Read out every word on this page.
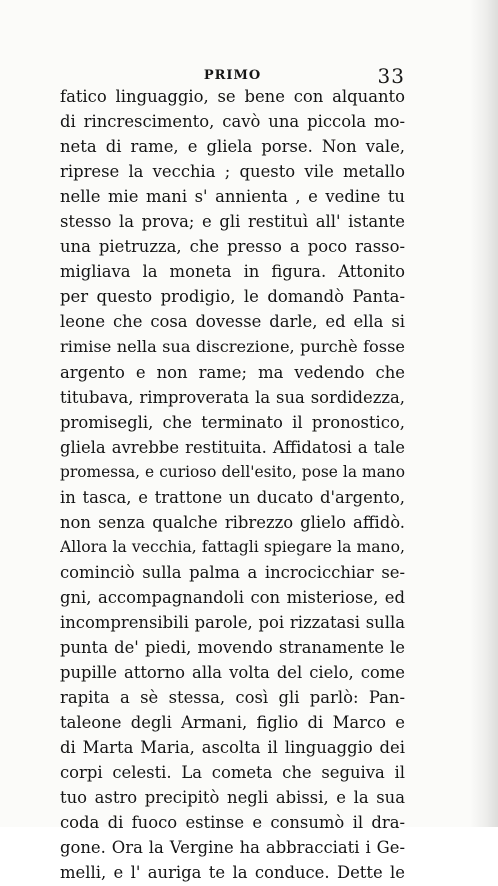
PRIMO	33
fatico linguaggio, se bene con alquanto
di rincrescimento, cavò una piccola mo-
neta di rame, e gliela porse. Non vale,
riprese la vecchia ; questo vile metallo
nelle mie mani s' annienta , e vedine tu
stesso la prova; e gli restituì all' istante
una pietruzza, che presso a poco rasso-
migliava la moneta in figura. Attonito
per questo prodigio, le domandò Panta-
leone che cosa dovesse darle, ed ella si
rimise nella sua discrezione, purchè fosse
argento e non rame; ma vedendo che
titubava, rimproverata la sua sordidezza,
promisegli, che terminato il pronostico,
gliela avrebbe restituita. Affidatosi a tale
promessa, e curioso dell'esito, pose la mano
in tasca, e trattone un ducato d'argento,
non senza qualche ribrezzo glielo affidò.
Allora la vecchia, fattagli spiegare la mano,
cominciò sulla palma a incrocicchiar se-
gni, accompagnandoli con misteriose, ed
incomprensibili parole, poi rizzatasi sulla
punta de' piedi, movendo stranamente le
pupille attorno alla volta del cielo, come
rapita a sè stessa, così gli parlò: Pan-
taleone degli Armani, figlio di Marco e
di Marta Maria, ascolta il linguaggio dei
corpi celesti. La cometa che seguiva il
tuo astro precipitò negli abissi, e la sua
coda di fuoco estinse e consumò il dra-
gone. Ora la Vergine ha abbracciati i Ge-
melli, e l' auriga te la conduce. Dette le
